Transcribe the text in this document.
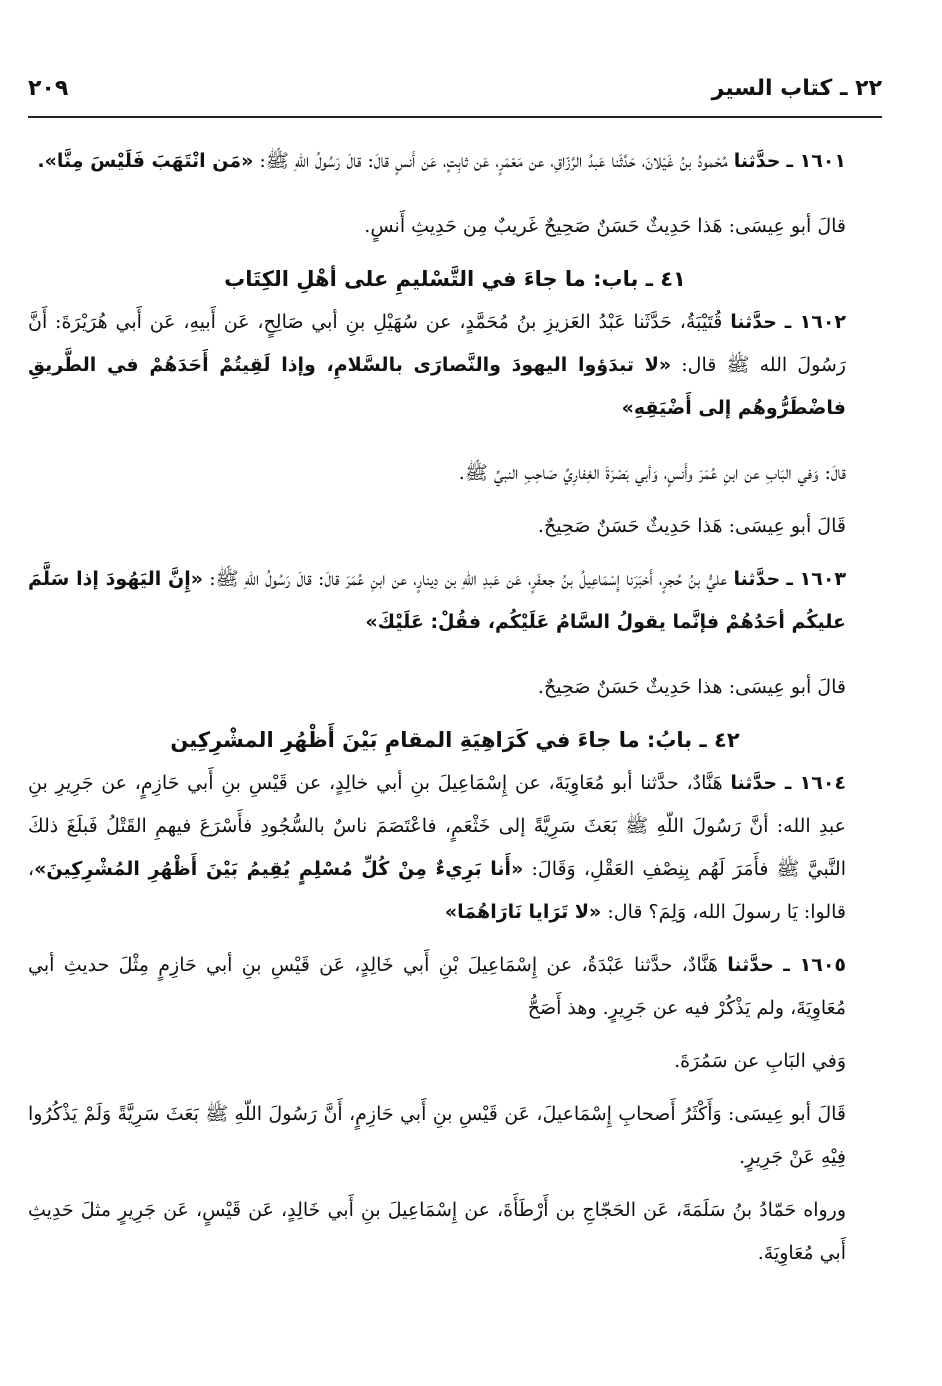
٢٢ ـ كتاب السير
٢٠٩

١٦٠١ ـ حدَّثنا مُحْمودُ بنُ غَيْلانَ، حَدَّثَنا عَبدُ الرَّزّاقِ، عن مَعْمَرٍ، عَن ثابِتٍ، عَن أَنسٍ قالَ: قالَ رَسُولُ اللّهِ ﷺ: «مَن انْتَهَبَ فَلَيْسَ مِنَّا».

قالَ أبو عِيسَى: هَذا حَدِيثٌ حَسَنٌ صَحِيحٌ غَريبٌ مِن حَدِيثِ أَنسٍ.

٤١ ـ باب: ما جاءَ في التَّسْليمِ على أهْلِ الكِتَاب

١٦٠٢ ـ حدَّثنا قُتَيْبَةُ، حَدَّثَنا عَبْدُ العَزيزِ بنُ مُحَمَّدٍ، عن سُهَيْلِ بنِ أبي صَالِحٍ، عَن أَبيهِ، عَن أَبي هُرَيْرَةَ: أَنَّ رَسُولَ الله ﷺ قال: «لا تبدَؤوا اليهودَ والنَّصارَى بالسَّلامِ، وإذا لَقِيتُمْ أَحَدَهُمْ في الطَّريقِ فاضْطَرُّوهُم إلى أَضْيَقِهِ»

قالَ: وَفي البَابِ عن ابنِ عُمَرَ وأَنسٍ، وَأبي بَصْرَةَ الغِفارِيِّ صَاحِبِ النبيِّ ﷺ.

قَالَ أبو عِيسَى: هَذا حَدِيثٌ حَسَنٌ صَحِيحٌ.

١٦٠٣ ـ حدَّثنا عليُّ بنُ حُجرٍ، أَخبَرَنا إِسْمَاعِيلُ بنُ جعفَرٍ، عَن عَبدِ اللّهِ بن دِينارٍ، عن ابنِ عُمَرَ قالَ: قالَ رَسُولُ اللّهِ ﷺ: «إِنَّ اليَهُودَ إذا سَلَّمَ عليكُم أحَدُهُمْ فإنَّما يقولُ السَّامُ عَلَيْكُم، فقُلْ: عَلَيْكَ»

قالَ أبو عِيسَى: هذا حَدِيثٌ حَسَنٌ صَحِيحٌ.

٤٢ ـ بابُ: ما جاءَ في كَرَاهِيَةِ المقامِ بَيْنَ أَظْهُرِ المشْرِكِين

١٦٠٤ ـ حدَّثنا هَنَّادٌ، حدَّثنا أبو مُعَاوِيَةَ، عن إِسْمَاعِيلَ بنِ أبي خالِدٍ، عن قَيْسِ بنِ أَبي حَازِمٍ، عن جَرِيرِ بنِ عبدِ الله: أنَّ رَسُولَ اللّهِ ﷺ بَعَثَ سَرِيَّةً إلى خَثْعَمٍ، فاعْتَصَمَ ناسٌ بالسُّجُودِ فأَسْرَعَ فيهمِ القَتْلُ فَبلَغَ ذلكَ النَّبيَّ ﷺ فأَمَرَ لَهُم بِنِصْفِ العَقْلِ، وَقَالَ: «أَنا بَرِيءٌ مِنْ كُلِّ مُسْلِمٍ يُقِيمُ بَيْنَ أَظْهُرِ المُشْرِكِينَ»، قالوا: يَا رسولَ الله، وَلِمَ؟ قال: «لا تَرَايا نَارَاهُمَا»

١٦٠٥ ـ حدَّثنا هَنَّادٌ، حدَّثنا عَبْدَةُ، عن إِسْمَاعِيلَ بْنِ أَبي خَالِدٍ، عَن قَيْسِ بنِ أبي حَازِمٍ مِثْلَ حديثِ أبي مُعَاوِيَةَ، ولم يَذْكُرْ فيه عن جَرِيرٍ. وهذ أَصَحُّ

وَفي البَابِ عن سَمُرَةَ.

قَالَ أبو عِيسَى: وَأَكْثَرُ أَصحابِ إِسْمَاعيلَ، عَن قَيْسِ بنِ أَبي حَازِمٍ، أَنَّ رَسُولَ اللّهِ ﷺ بَعَثَ سَرِيَّةً وَلَمْ يَذْكُرُوا فِيْهِ عَنْ جَرِيرٍ.

ورواه حَمّادُ بنُ سَلَمَةَ، عَن الحَجّاجِ بن أَرْطَأَةَ، عن إِسْمَاعِيلَ بنِ أَبي خَالِدٍ، عَن قَيْسٍ، عَن جَرِيرٍ مثلَ حَدِيثِ أَبي مُعَاوِيَةَ.
